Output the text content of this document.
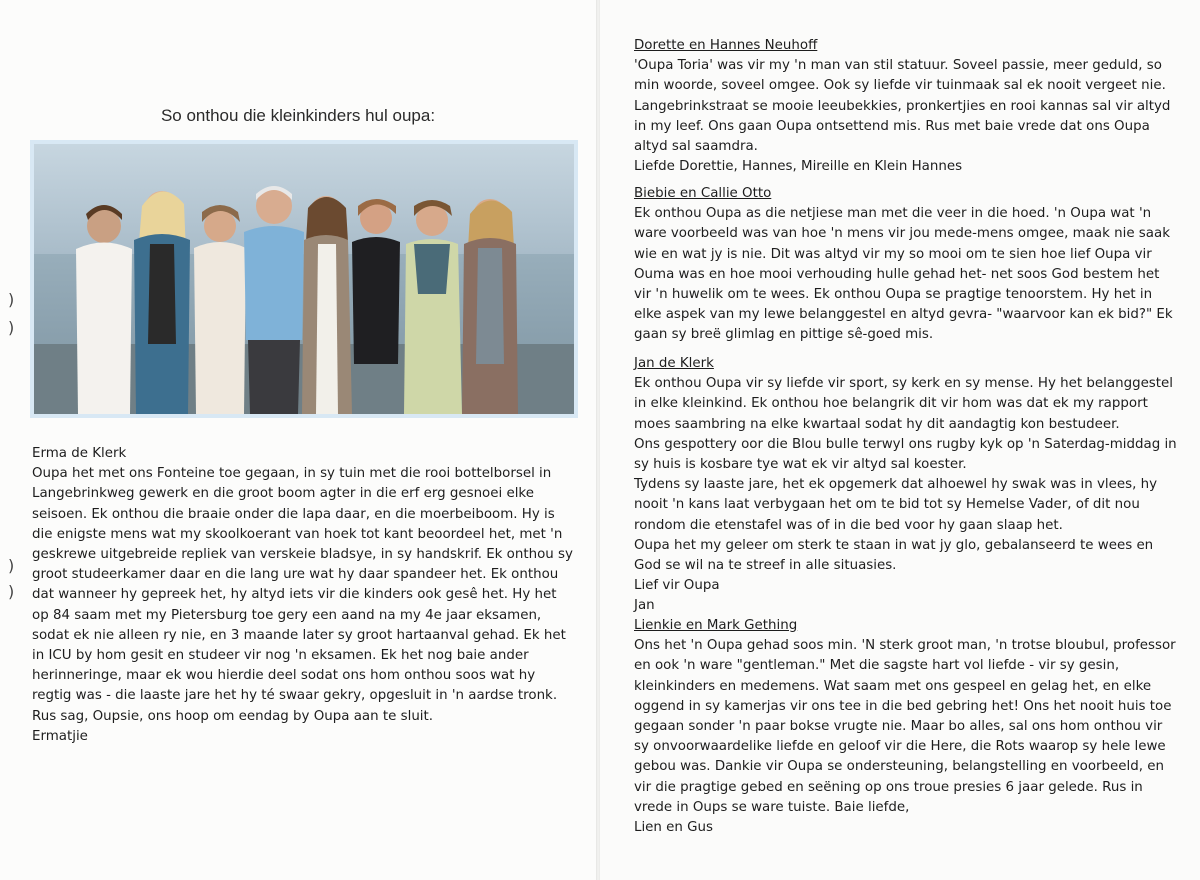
)
)
)
)
So onthou die kleinkinders hul oupa:
Erma de Klerk
Oupa het met ons Fonteine toe gegaan, in sy tuin met die rooi bottelborsel in Langebrinkweg gewerk en die groot boom agter in die erf erg gesnoei elke seisoen. Ek onthou die braaie onder die lapa daar, en die moerbeiboom. Hy is die enigste mens wat my skoolkoerant van hoek tot kant beoordeel het, met 'n geskrewe uitgebreide repliek van verskeie bladsye, in sy handskrif. Ek onthou sy groot studeerkamer daar en die lang ure wat hy daar spandeer het. Ek onthou dat wanneer hy gepreek het, hy altyd iets vir die kinders ook gesê het. Hy het op 84 saam met my Pietersburg toe gery een aand na my 4e jaar eksamen, sodat ek nie alleen ry nie, en 3 maande later sy groot hartaanval gehad. Ek het in ICU by hom gesit en studeer vir nog 'n eksamen. Ek het nog baie ander herinneringe, maar ek wou hierdie deel sodat ons hom onthou soos wat hy regtig was - die laaste jare het hy té swaar gekry, opgesluit in 'n aardse tronk. Rus sag, Oupsie, ons hoop om eendag by Oupa aan te sluit.
Ermatjie
Dorette en Hannes Neuhoff
'Oupa Toria' was vir my 'n man van stil statuur. Soveel passie, meer geduld, so min woorde, soveel omgee. Ook sy liefde vir tuinmaak sal ek nooit vergeet nie. Langebrinkstraat se mooie leeubekkies, pronkertjies en rooi kannas sal vir altyd in my leef. Ons gaan Oupa ontsettend mis. Rus met baie vrede dat ons Oupa altyd sal saamdra.
Liefde Dorettie, Hannes, Mireille en Klein Hannes
Biebie en Callie Otto
Ek onthou Oupa as die netjiese man met die veer in die hoed. 'n Oupa wat 'n ware voorbeeld was van hoe 'n mens vir jou mede-mens omgee, maak nie saak wie en wat jy is nie. Dit was altyd vir my so mooi om te sien hoe lief Oupa vir Ouma was en hoe mooi verhouding hulle gehad het- net soos God bestem het vir 'n huwelik om te wees. Ek onthou Oupa se pragtige tenoorstem. Hy het in elke aspek van my lewe belanggestel en altyd gevra- "waarvoor kan ek bid?" Ek gaan sy breë glimlag en pittige sê-goed mis.
Jan de Klerk
Ek onthou Oupa vir sy liefde vir sport, sy kerk en sy mense. Hy het belanggestel in elke kleinkind. Ek onthou hoe belangrik dit vir hom was dat ek my rapport moes saambring na elke kwartaal sodat hy dit aandagtig kon bestudeer.
Ons gespottery oor die Blou bulle terwyl ons rugby kyk op 'n Saterdag-middag in sy huis is kosbare tye wat ek vir altyd sal koester.
Tydens sy laaste jare, het ek opgemerk dat alhoewel hy swak was in vlees, hy nooit 'n kans laat verbygaan het om te bid tot sy Hemelse Vader, of dit nou rondom die etenstafel was of in die bed voor hy gaan slaap het.
Oupa het my geleer om sterk te staan in wat jy glo, gebalanseerd te wees en God se wil na te streef in alle situasies.
Lief vir Oupa
Jan
Lienkie en Mark Gething
Ons het 'n Oupa gehad soos min. 'N sterk groot man, 'n trotse bloubul, professor en ook 'n ware "gentleman." Met die sagste hart vol liefde - vir sy gesin, kleinkinders en medemens. Wat saam met ons gespeel en gelag het, en elke oggend in sy kamerjas vir ons tee in die bed gebring het! Ons het nooit huis toe gegaan sonder 'n paar bokse vrugte nie. Maar bo alles, sal ons hom onthou vir sy onvoorwaardelike liefde en geloof vir die Here, die Rots waarop sy hele lewe gebou was. Dankie vir Oupa se ondersteuning, belangstelling en voorbeeld, en vir die pragtige gebed en seëning op ons troue presies 6 jaar gelede. Rus in vrede in Oups se ware tuiste. Baie liefde,
Lien en Gus
